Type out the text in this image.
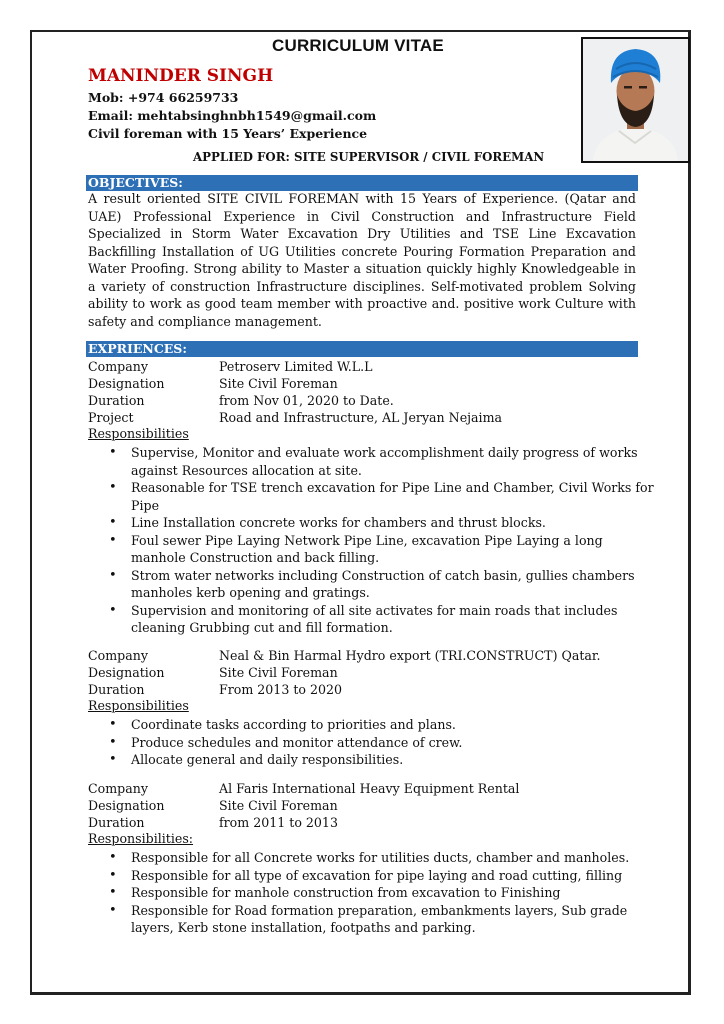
CURRICULUM VITAE
MANINDER SINGH
Mob: +974 66259733
Email: mehtabsinghnbh1549@gmail.com
Civil foreman with 15 Years’ Experience
APPLIED FOR: SITE SUPERVISOR / CIVIL FOREMAN
OBJECTIVES:
A result oriented SITE CIVIL FOREMAN with 15 Years of Experience. (Qatar and UAE) Professional Experience in Civil Construction and Infrastructure Field Specialized in Storm Water Excavation Dry Utilities and TSE Line Excavation Backfilling Installation of UG Utilities concrete Pouring Formation Preparation and Water Proofing. Strong ability to Master a situation quickly highly Knowledgeable in a variety of construction Infrastructure disciplines. Self-motivated problem Solving ability to work as good team member with proactive and. positive work Culture with safety and compliance management.
EXPRIENCES:
Company	Petroserv Limited W.L.L
Designation	Site Civil Foreman
Duration	from Nov 01, 2020 to Date.
Project	Road and Infrastructure, AL Jeryan Nejaima
Responsibilities
• Supervise, Monitor and evaluate work accomplishment daily progress of works
against Resources allocation at site.
• Reasonable for TSE trench excavation for Pipe Line and Chamber, Civil Works for
Pipe
• Line Installation concrete works for chambers and thrust blocks.
• Foul sewer Pipe Laying Network Pipe Line, excavation Pipe Laying a long
manhole Construction and back filling.
• Strom water networks including Construction of catch basin, gullies chambers
manholes kerb opening and gratings.
• Supervision and monitoring of all site activates for main roads that includes
cleaning Grubbing cut and fill formation.
Company	Neal & Bin Harmal Hydro export (TRI.CONSTRUCT) Qatar.
Designation	Site Civil Foreman
Duration	From 2013 to 2020
Responsibilities
• Coordinate tasks according to priorities and plans.
• Produce schedules and monitor attendance of crew.
• Allocate general and daily responsibilities.
Company	Al Faris International Heavy Equipment Rental
Designation	Site Civil Foreman
Duration	from 2011 to 2013
Responsibilities:
• Responsible for all Concrete works for utilities ducts, chamber and manholes.
• Responsible for all type of excavation for pipe laying and road cutting, filling
• Responsible for manhole construction from excavation to Finishing
• Responsible for Road formation preparation, embankments layers, Sub grade
layers, Kerb stone installation, footpaths and parking.
